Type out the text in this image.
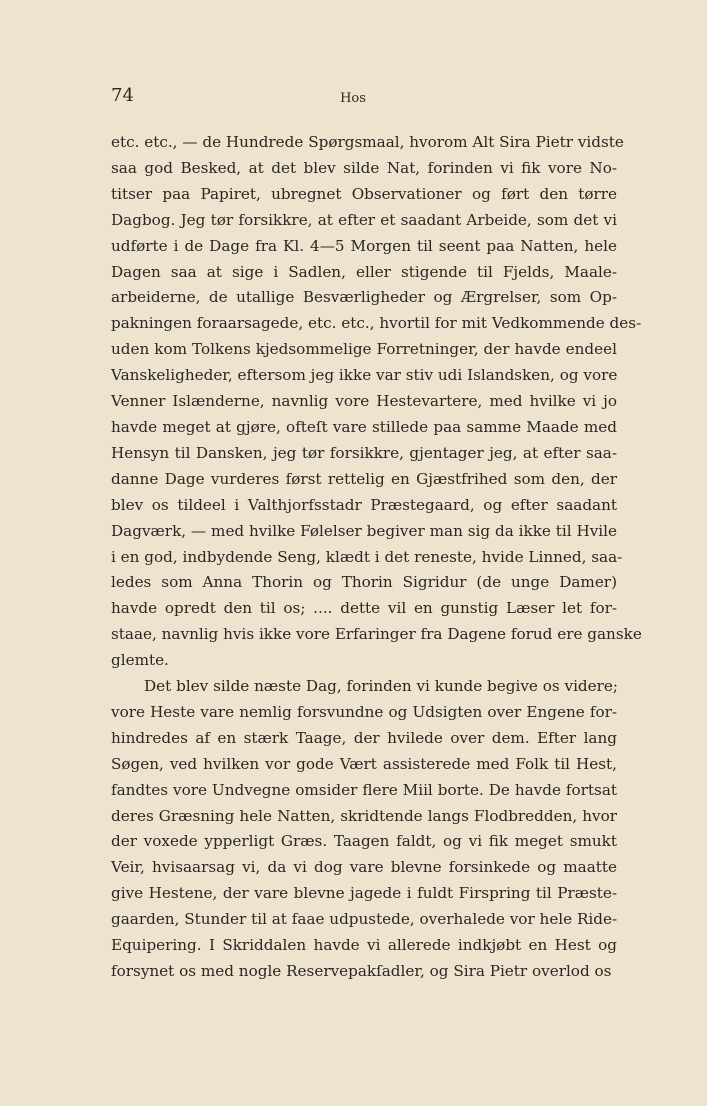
74	Hos
etc. etc., — de Hundrede Spørgsmaal, hvorom Alt Sira Pietr vidste
saa god Besked, at det blev silde Nat, forinden vi fik vore No-
titser paa Papiret, ubregnet Observationer og ført den tørre
Dagbog. Jeg tør forsikkre, at efter et saadant Arbeide, som det vi
udførte i de Dage fra Kl. 4—5 Morgen til seent paa Natten, hele
Dagen saa at sige i Sadlen, eller stigende til Fjelds, Maale-
arbeiderne, de utallige Besværligheder og Ærgrelser, som Op-
pakningen foraarsagede, etc. etc., hvortil for mit Vedkommende des-
uden kom Tolkens kjedsommelige Forretninger, der havde endeel
Vanskeligheder, eftersom jeg ikke var stiv udi Islandsken, og vore
Venner Islænderne, navnlig vore Hestevartere, med hvilke vi jo
havde meget at gjøre, ofteſt vare stillede paa samme Maade med
Hensyn til Dansken, jeg tør forsikkre, gjentager jeg, at efter saa-
danne Dage vurderes først rettelig en Gjæstfrihed som den, der
blev os tildeel i Valthjorfsstadr Præstegaard, og efter saadant
Dagværk, — med hvilke Følelser begiver man sig da ikke til Hvile
i en god, indbydende Seng, klædt i det reneste, hvide Linned, saa-
ledes som Anna Thorin og Thorin Sigridur (de unge Damer)
havde opredt den til os; .... dette vil en gunstig Læser let for-
staae, navnlig hvis ikke vore Erfaringer fra Dagene forud ere ganske
glemte.
Det blev silde næste Dag, forinden vi kunde begive os videre;
vore Heste vare nemlig forsvundne og Udsigten over Engene for-
hindredes af en stærk Taage, der hvilede over dem. Efter lang
Søgen, ved hvilken vor gode Vært assisterede med Folk til Hest,
fandtes vore Undvegne omsider flere Miil borte. De havde fortsat
deres Græsning hele Natten, skridtende langs Flodbredden, hvor
der voxede ypperligt Græs. Taagen faldt, og vi fik meget smukt
Veir, hvisaarsag vi, da vi dog vare blevne forsinkede og maatte
give Hestene, der vare blevne jagede i fuldt Firspring til Præste-
gaarden, Stunder til at faae udpustede, overhalede vor hele Ride-
Equipering. I Skriddalen havde vi allerede indkjøbt en Hest og
forsynet os med nogle Reservepakſadler, og Sira Pietr overlod os
